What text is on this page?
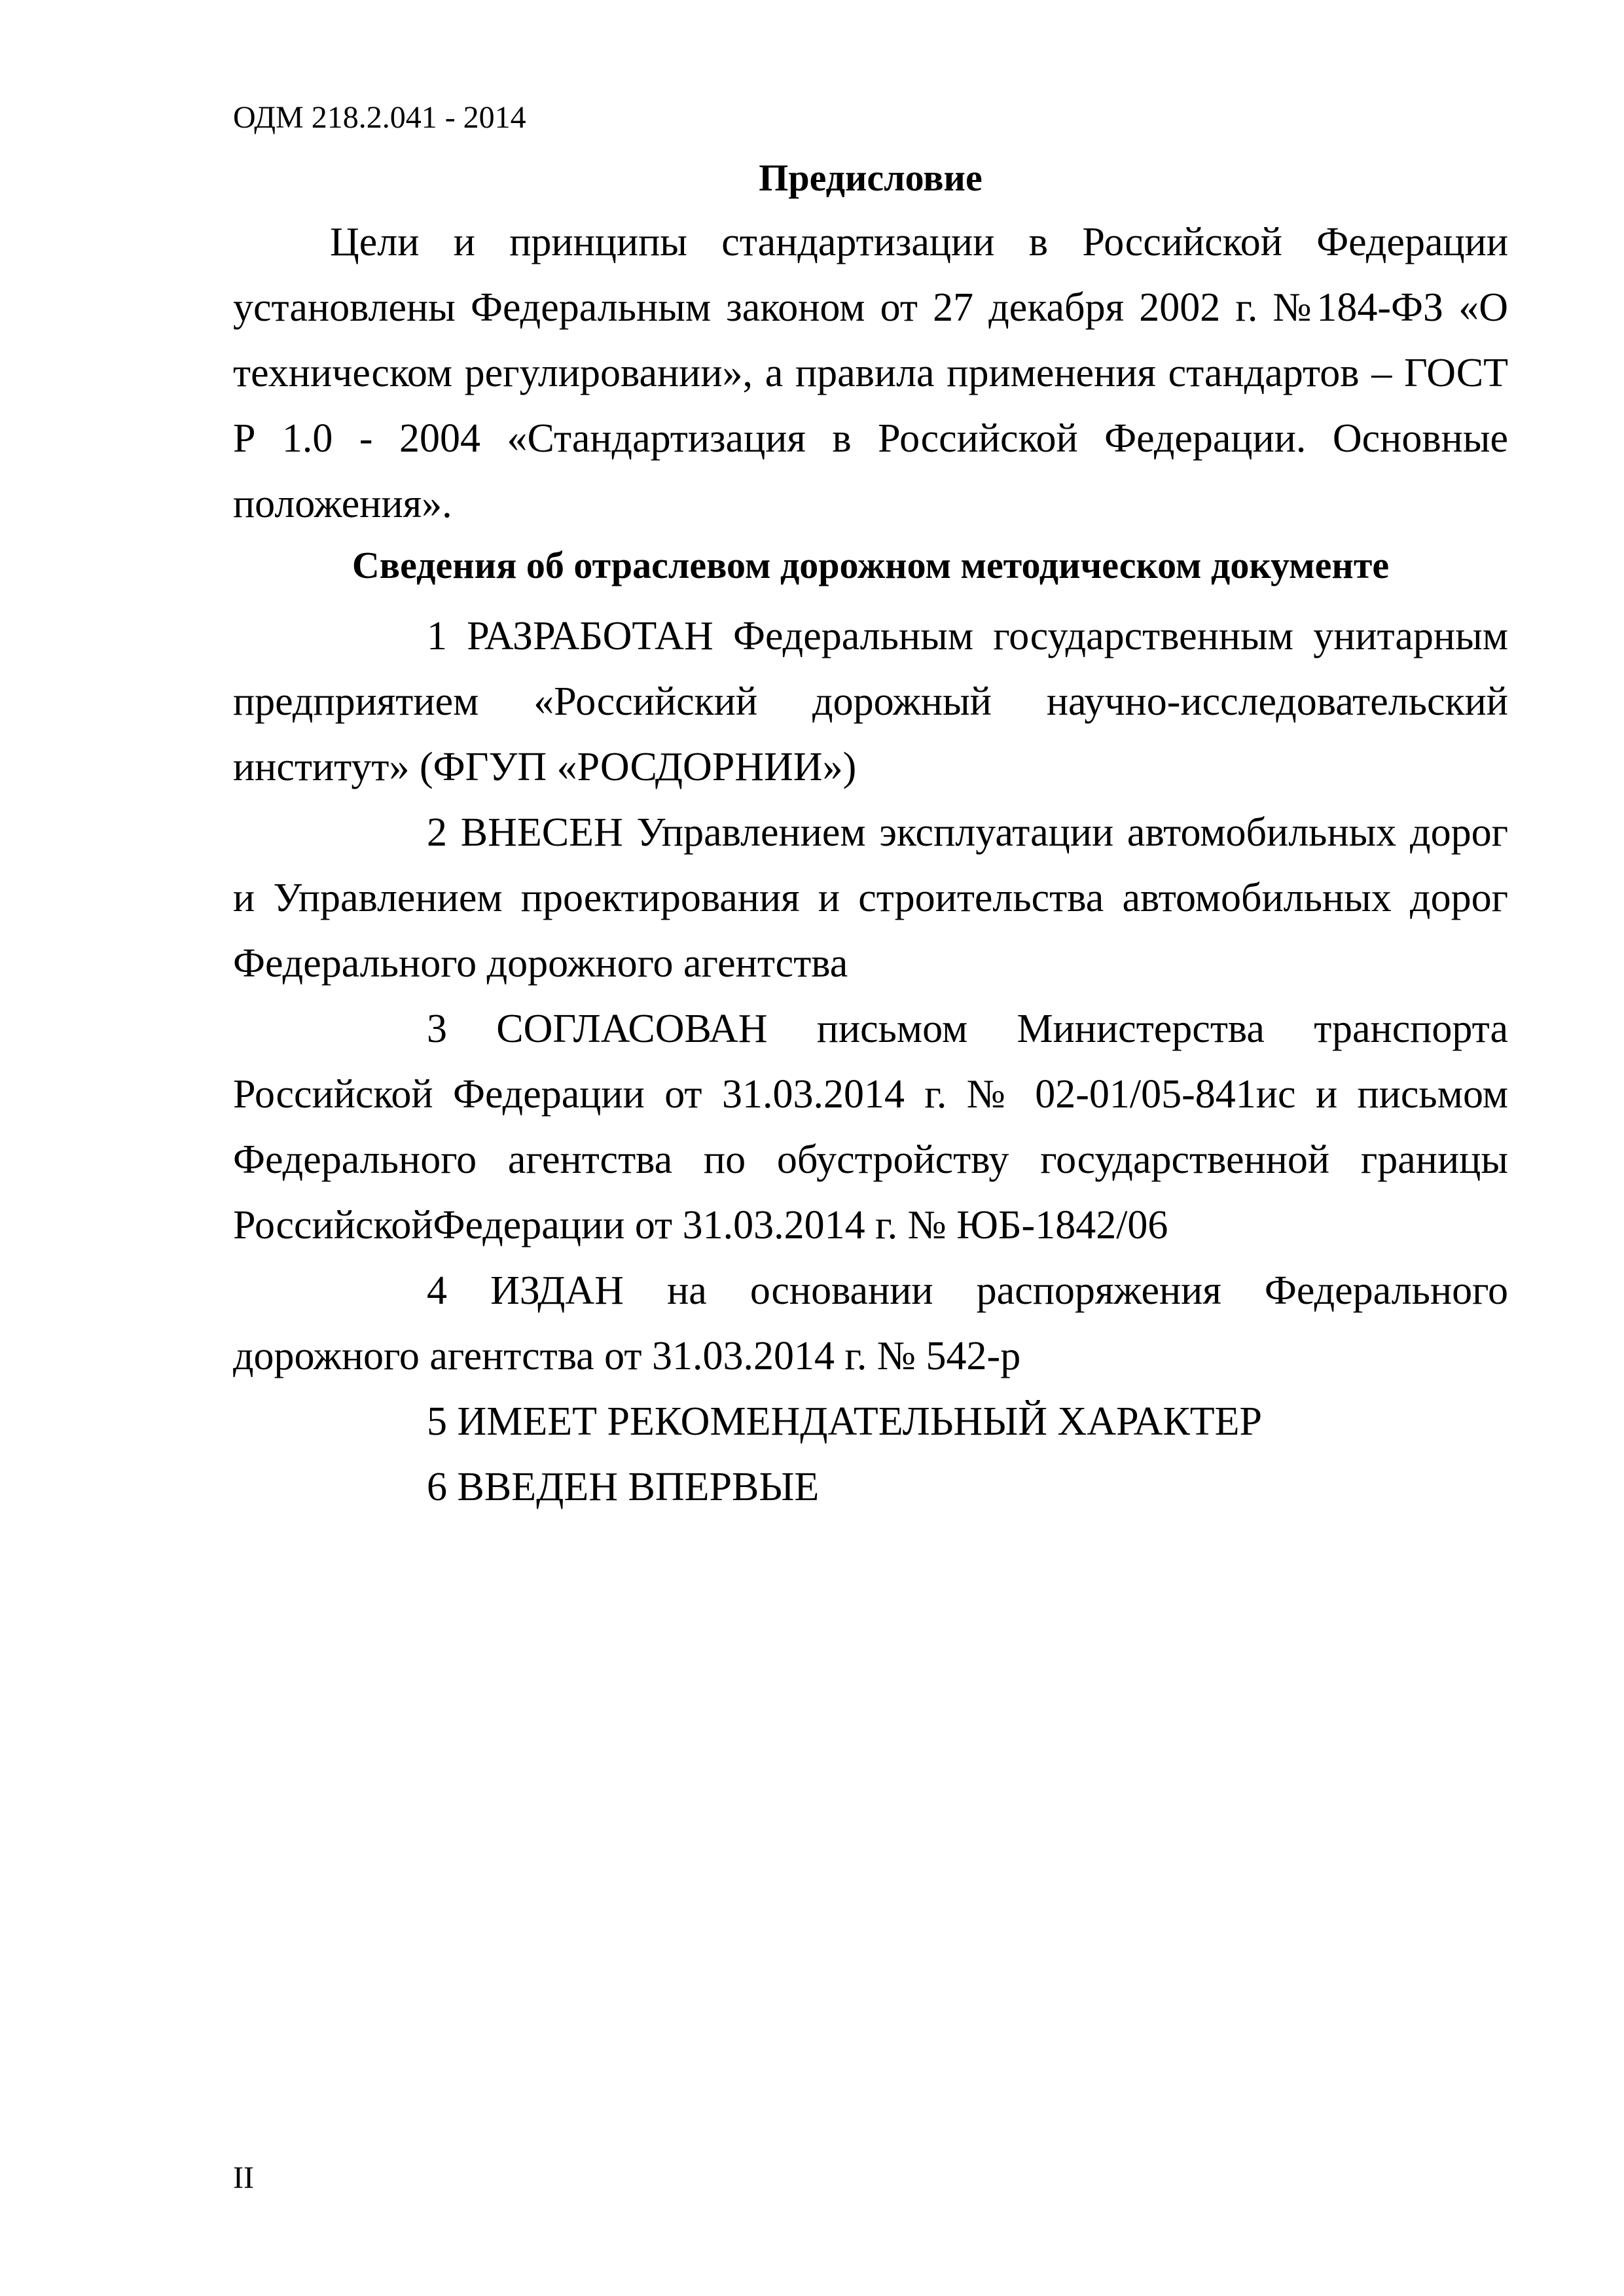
ОДМ 218.2.041 - 2014
Предисловие

Цели и принципы стандартизации в Российской Федерации установлены Федеральным законом от 27 декабря 2002 г. №184-ФЗ «О техническом регулировании», а правила применения стандартов – ГОСТ Р 1.0 - 2004 «Стандартизация в Российской Федерации. Основные положения».

Сведения об отраслевом дорожном методическом документе

1 РАЗРАБОТАН Федеральным государственным унитарным предприятием «Российский дорожный научно-исследовательский институт» (ФГУП «РОСДОРНИИ»)

2 ВНЕСЕН Управлением эксплуатации автомобильных дорог и Управлением проектирования и строительства автомобильных дорог Федерального дорожного агентства

3 СОГЛАСОВАН письмом Министерства транспорта Российской Федерации от 31.03.2014 г. № 02-01/05-841ис и письмом Федерального агентства по обустройству государственной границы РоссийскойФедерации от 31.03.2014 г. № ЮБ-1842/06

4 ИЗДАН на основании распоряжения Федерального дорожного агентства от 31.03.2014 г. № 542-р

5 ИМЕЕТ РЕКОМЕНДАТЕЛЬНЫЙ ХАРАКТЕР

6 ВВЕДЕН ВПЕРВЫЕ

II
